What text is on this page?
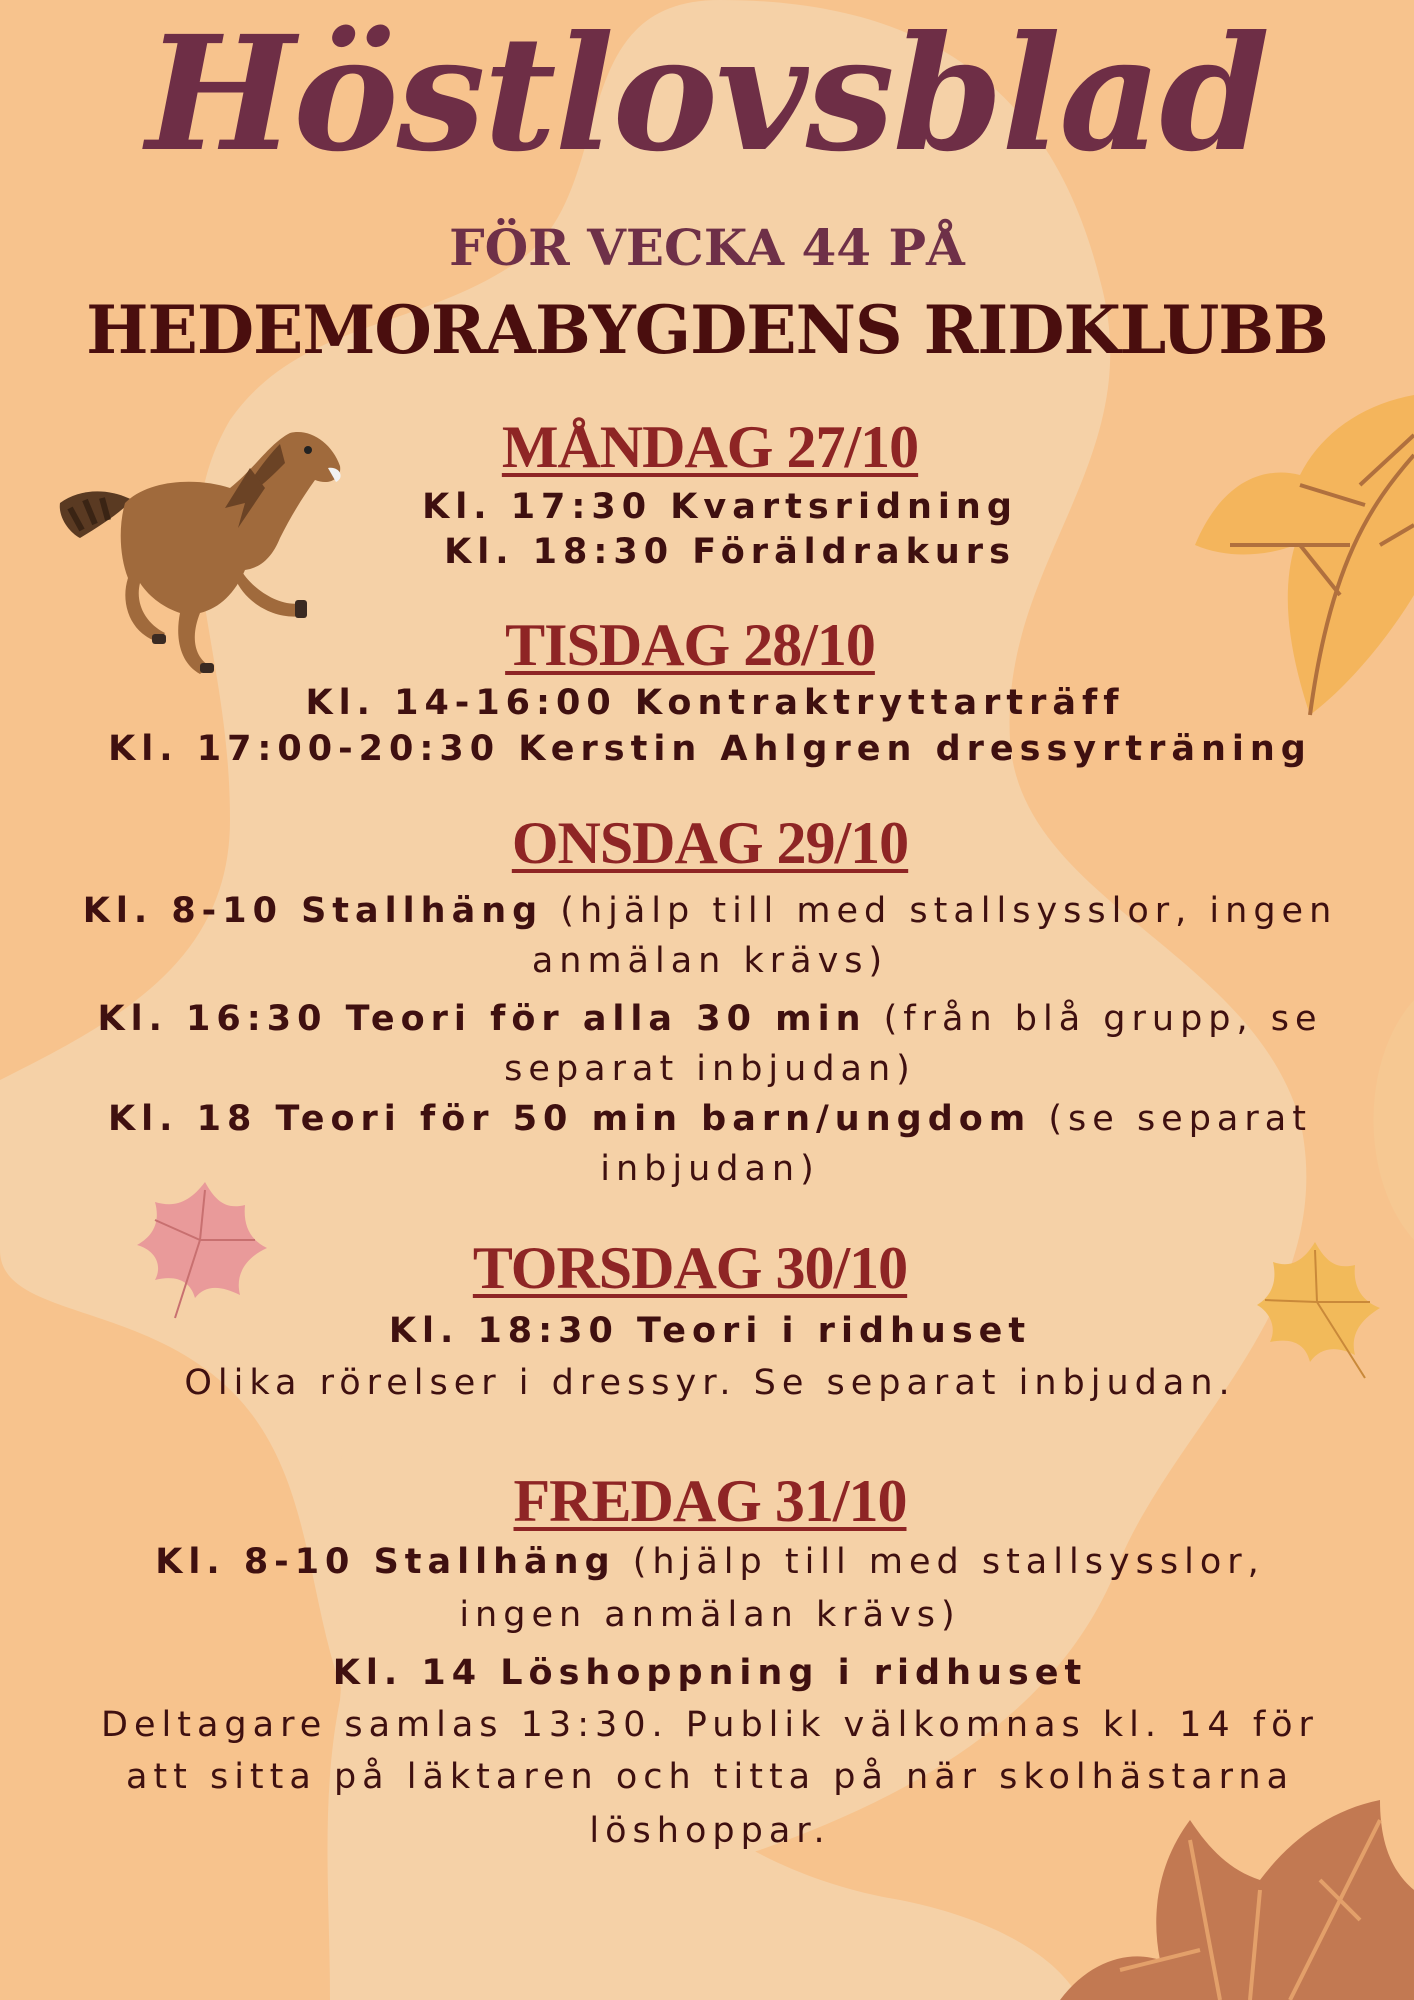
Höstlovsblad
FÖR VECKA 44 PÅ
HEDEMORABYGDENS RIDKLUBB
MÅNDAG 27/10

Kl. 17:30 Kvartsridning

Kl. 18:30 Föräldrakurs

TISDAG 28/10

Kl. 14-16:00 Kontraktryttarträff

Kl. 17:00-20:30 Kerstin Ahlgren dressyrträning

ONSDAG 29/10

Kl. 8-10 Stallhäng (hjälp till med stallsysslor, ingen

anmälan krävs)

Kl. 16:30 Teori för alla 30 min (från blå grupp, se

separat inbjudan)

Kl. 18 Teori för 50 min barn/ungdom (se separat

inbjudan)

TORSDAG 30/10

Kl. 18:30 Teori i ridhuset

Olika rörelser i dressyr. Se separat inbjudan.

FREDAG 31/10

Kl. 8-10 Stallhäng (hjälp till med stallsysslor,

ingen anmälan krävs)

Kl. 14 Löshoppning i ridhuset

Deltagare samlas 13:30. Publik välkomnas kl. 14 för

att sitta på läktaren och titta på när skolhästarna

löshoppar.
